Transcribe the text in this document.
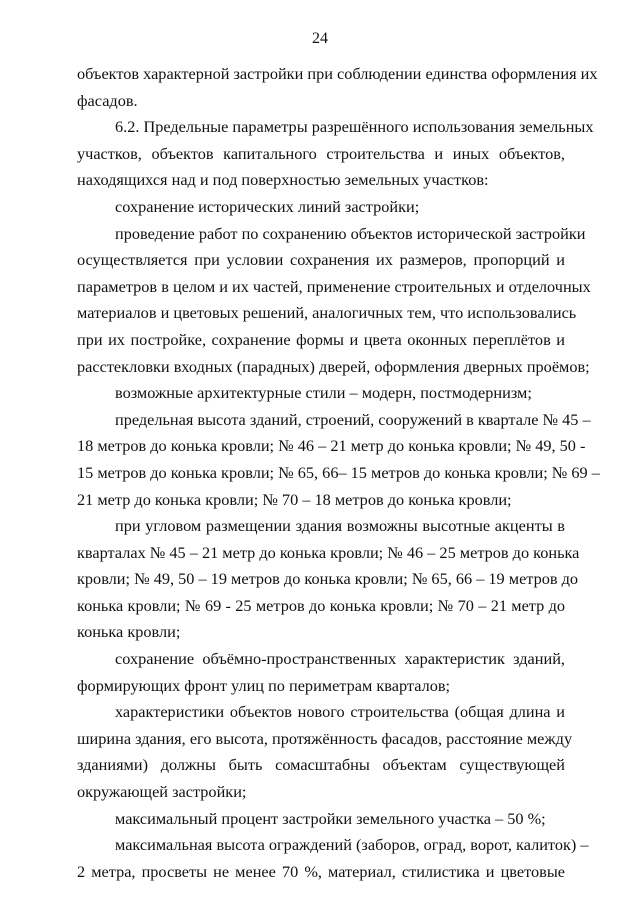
24
объектов характерной застройки при соблюдении единства оформления их
фасадов.
6.2. Предельные параметры разрешённого использования земельных
участков, объектов капитального строительства и иных объектов,
находящихся над и под поверхностью земельных участков:
сохранение исторических линий застройки;
проведение работ по сохранению объектов исторической застройки
осуществляется при условии сохранения их размеров, пропорций и
параметров в целом и их частей, применение строительных и отделочных
материалов и цветовых решений, аналогичных тем, что использовались
при их постройке, сохранение формы и цвета оконных переплётов и
расстекловки входных (парадных) дверей, оформления дверных проёмов;
возможные архитектурные стили – модерн, постмодернизм;
предельная высота зданий, строений, сооружений в квартале № 45 –
18 метров до конька кровли; № 46 – 21 метр до конька кровли; № 49, 50 -
15 метров до конька кровли; № 65, 66– 15 метров до конька кровли; № 69 –
21 метр до конька кровли; № 70 – 18 метров до конька кровли;
при угловом размещении здания возможны высотные акценты в
кварталах № 45 – 21 метр до конька кровли; № 46 – 25 метров до конька
кровли; № 49, 50 – 19 метров до конька кровли; № 65, 66 – 19 метров до
конька кровли; № 69 - 25 метров до конька кровли; № 70 – 21 метр до
конька кровли;
сохранение объёмно-пространственных характеристик зданий,
формирующих фронт улиц по периметрам кварталов;
характеристики объектов нового строительства (общая длина и
ширина здания, его высота, протяжённость фасадов, расстояние между
зданиями) должны быть сомасштабны объектам существующей
окружающей застройки;
максимальный процент застройки земельного участка – 50 %;
максимальная высота ограждений (заборов, оград, ворот, калиток) –
2 метра, просветы не менее 70 %, материал, стилистика и цветовые
